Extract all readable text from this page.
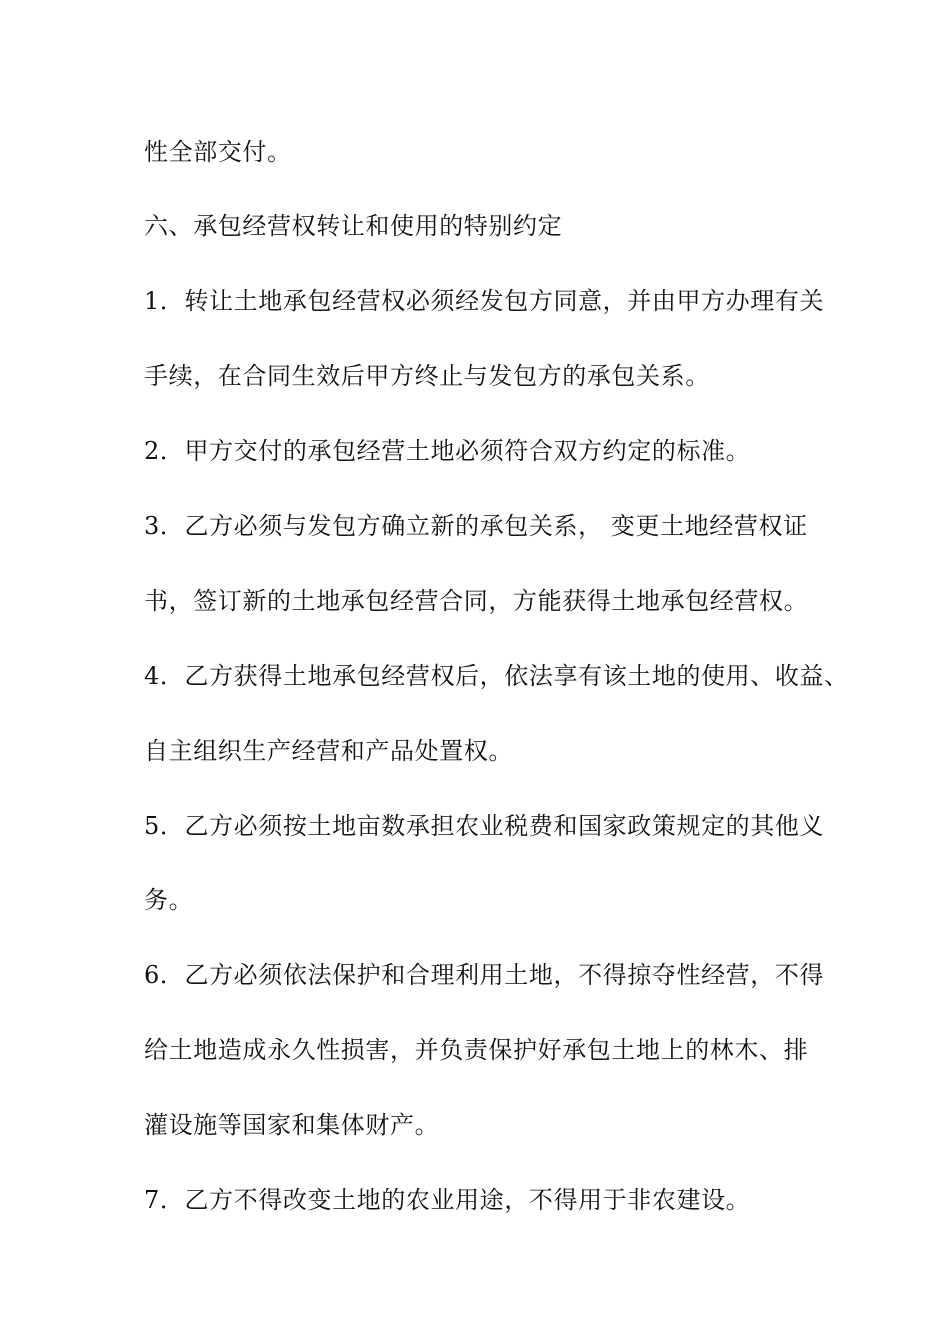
性全部交付。

六、承包经营权转让和使用的特别约定

1．转让土地承包经营权必须经发包方同意，并由甲方办理有关

手续，在合同生效后甲方终止与发包方的承包关系。

2．甲方交付的承包经营土地必须符合双方约定的标准。

3．乙方必须与发包方确立新的承包关系， 变更土地经营权证

书，签订新的土地承包经营合同，方能获得土地承包经营权。

4．乙方获得土地承包经营权后，依法享有该土地的使用、收益、

自主组织生产经营和产品处置权。

5．乙方必须按土地亩数承担农业税费和国家政策规定的其他义

务。

6．乙方必须依法保护和合理利用土地，不得掠夺性经营，不得

给土地造成永久性损害，并负责保护好承包土地上的林木、排

灌设施等国家和集体财产。

7．乙方不得改变土地的农业用途，不得用于非农建设。
